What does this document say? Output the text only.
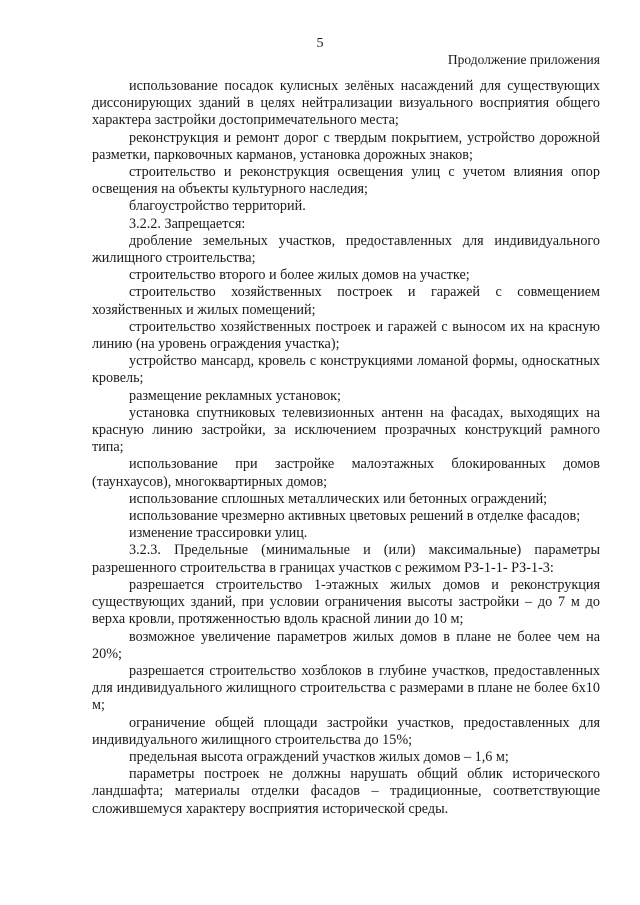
5
Продолжение приложения

использование посадок кулисных зелёных насаждений для существующих диссонирующих зданий в целях нейтрализации визуального восприятия общего характера застройки достопримечательного места;

реконструкция и ремонт дорог с твердым покрытием, устройство дорожной разметки, парковочных карманов, установка дорожных знаков;

строительство и реконструкция освещения улиц с учетом влияния опор освещения на объекты культурного наследия;

благоустройство территорий.

3.2.2. Запрещается:

дробление земельных участков, предоставленных для индивидуального жилищного строительства;

строительство второго и более жилых домов на участке;

строительство хозяйственных построек и гаражей с совмещением хозяйственных и жилых помещений;

строительство хозяйственных построек и гаражей с выносом их на красную линию (на уровень ограждения участка);

устройство мансард, кровель с конструкциями ломаной формы, односкатных кровель;

размещение рекламных установок;

установка спутниковых телевизионных антенн на фасадах, выходящих на красную линию застройки, за исключением прозрачных конструкций рамного типа;

использование при застройке малоэтажных блокированных домов (таунхаусов), многоквартирных домов;

использование сплошных металлических или бетонных ограждений;

использование чрезмерно активных цветовых решений в отделке фасадов;

изменение трассировки улиц.

3.2.3. Предельные (минимальные и (или) максимальные) параметры разрешенного строительства в границах участков с режимом РЗ-1-1- РЗ-1-3:

разрешается строительство 1-этажных жилых домов и реконструкция существующих зданий, при условии ограничения высоты застройки – до 7 м до верха кровли, протяженностью вдоль красной линии до 10 м;

возможное увеличение параметров жилых домов в плане не более чем на 20%;

разрешается строительство хозблоков в глубине участков, предоставленных для индивидуального жилищного строительства с размерами в плане не более 6х10 м;

ограничение общей площади застройки участков, предоставленных для индивидуального жилищного строительства до 15%;

предельная высота ограждений участков жилых домов – 1,6 м;

параметры построек не должны нарушать общий облик исторического ландшафта; материалы отделки фасадов – традиционные, соответствующие сложившемуся характеру восприятия исторической среды.
